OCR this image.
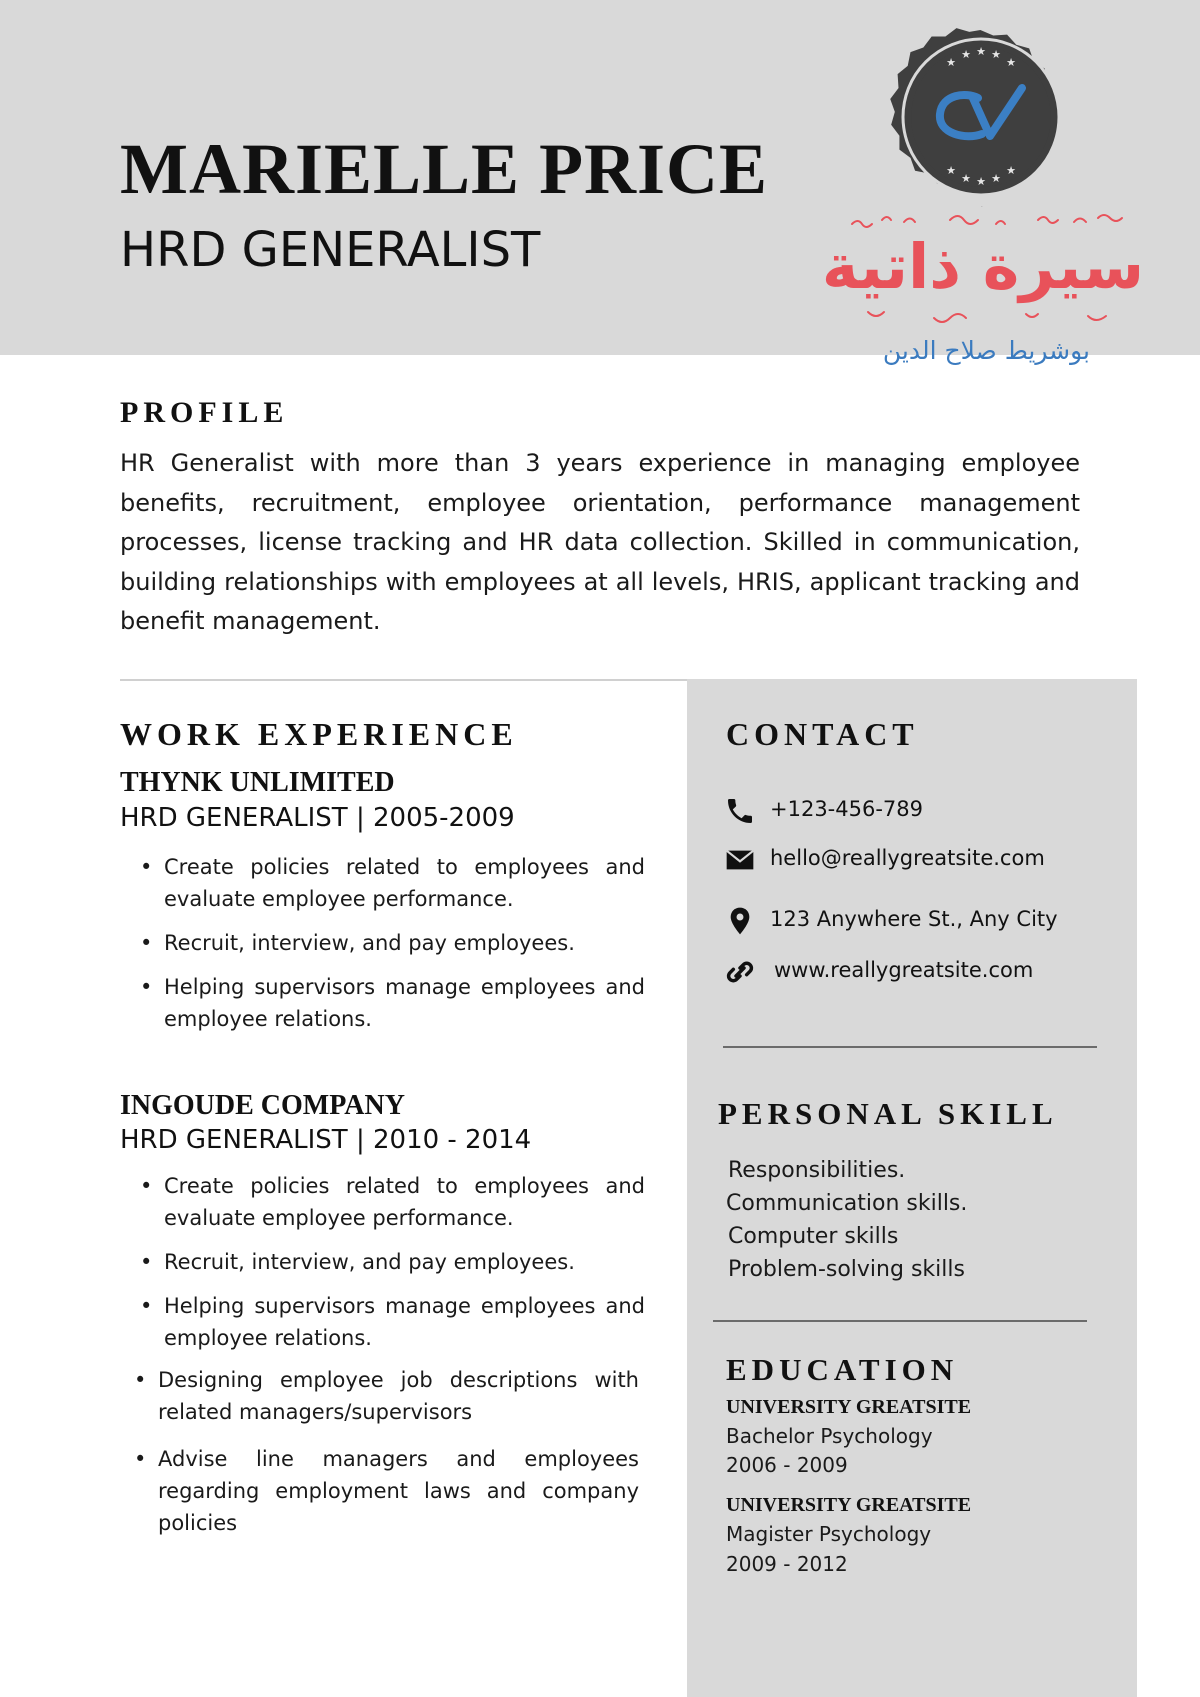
MARIELLE PRICE
HRD GENERALIST
★
★ ★ ★
★
★
★ ★ ★
★
CV
سيرة ذاتية
بوشريط صلاح الدين
PROFILE

HR Generalist with more than 3 years experience in managing employee benefits, recruitment, employee orientation, performance management processes, license tracking and HR data collection. Skilled in communication, building relationships with employees at all levels, HRIS, applicant tracking and benefit management.

WORK EXPERIENCE
THYNK UNLIMITED

HRD GENERALIST | 2005-2009

• Create policies related to employees and evaluate employee performance.
• Recruit, interview, and pay employees.
• Helping supervisors manage employees and employee relations.
INGOUDE COMPANY

HRD GENERALIST | 2010 - 2014

• Create policies related to employees and evaluate employee performance.
• Recruit, interview, and pay employees.
• Helping supervisors manage employees and employee relations.
• Designing employee job descriptions with related managers/supervisors
• Advise line managers and employees regarding employment laws and company policies
CONTACT
+123-456-789
hello@reallygreatsite.com
123 Anywhere St., Any City
www.reallygreatsite.com
PERSONAL SKILL
Responsibilities.
Communication skills.
Computer skills
Problem-solving skills
EDUCATION

UNIVERSITY GREATSITE

Bachelor Psychology

2006 - 2009

UNIVERSITY GREATSITE

Magister Psychology

2009 - 2012
